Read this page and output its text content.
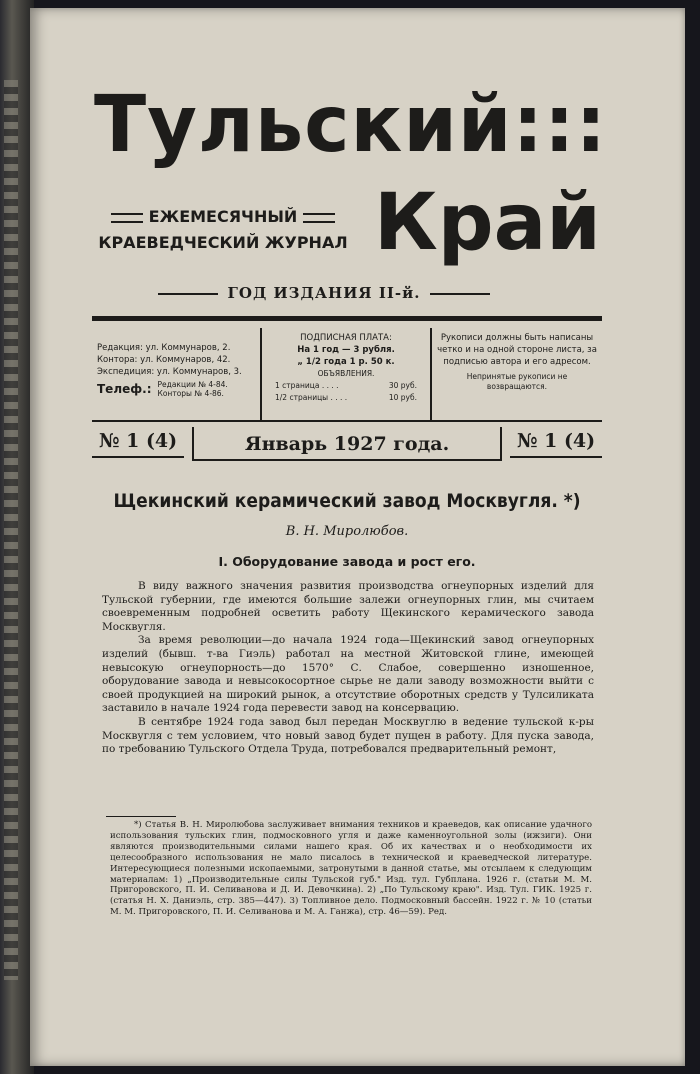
Тульский:::
ЕЖЕМЕСЯЧНЫЙ
КРАЕВЕДЧЕСКИЙ ЖУРНАЛ Край
ГОД ИЗДАНИЯ II-й.
Редакция: ул. Коммунаров, 2.
Контора: ул. Коммунаров, 42.
Экспедиция: ул. Коммунаров, 3.
Телеф.: Редакции № 4-84.
Конторы № 4-86.
ПОДПИСНАЯ ПЛАТА:
На 1 год — 3 рубля.
„ 1/2 года 1 р. 50 к.
ОБЪЯВЛЕНИЯ.
1 страница . . . .	30 руб.
1/2 страницы . . . .	10 руб.
Рукописи должны быть написаны четко и на одной стороне листа, за подписью автора и его адресом.
Непринятые рукописи не возвращаются.
№ 1 (4)	Январь 1927 года.	№ 1 (4)
Щекинский керамический завод Москвугля. *)
В. Н. Миролюбов.
I. Оборудование завода и рост его.

В виду важного значения развития производства огнеупорных изделий для Тульской губернии, где имеются большие залежи огнеупорных глин, мы считаем своевременным подробней осветить работу Щекинского керамического завода Москвугля.

За время революции—до начала 1924 года—Щекинский завод огнеупорных изделий (бывш. т-ва Гиэль) работал на местной Житовской глине, имеющей невысокую огнеупорность—до 1570° С. Слабое, совершенно изношенное, оборудование завода и невысокосортное сырье не дали заводу возможности выйти с своей продукцией на широкий рынок, а отсутствие оборотных средств у Тулсиликата заставило в начале 1924 года перевести завод на консервацию.

В сентябре 1924 года завод был передан Москвуглю в ведение тульской к-ры Москвугля с тем условием, что новый завод будет пущен в работу. Для пуска завода, по требованию Тульского Отдела Труда, потребовался предварительный ремонт,

*) Статья В. Н. Миролюбова заслуживает внимания техников и краеведов, как описание удачного использования тульских глин, подмосковного угля и даже каменноугольной золы (ижзиги). Они являются производительными силами нашего края. Об их качествах и о необходимости их целесообразного использования не мало писалось в технической и краеведческой литературе. Интересующиеся полезными ископаемыми, затронутыми в данной статье, мы отсылаем к следующим материалам: 1) „Производительные силы Тульской губ." Изд. тул. Губплана. 1926 г. (статьи М. М. Пригоровского, П. И. Селиванова и Д. И. Девочкина). 2) „По Тульскому краю". Изд. Тул. ГИК. 1925 г. (статья Н. Х. Даниэль, стр. 385—447). 3) Топливное дело. Подмосковный бассейн. 1922 г. № 10 (статьи М. М. Пригоровского, П. И. Селиванова и М. А. Ганжа), стр. 46—59). Ред.
